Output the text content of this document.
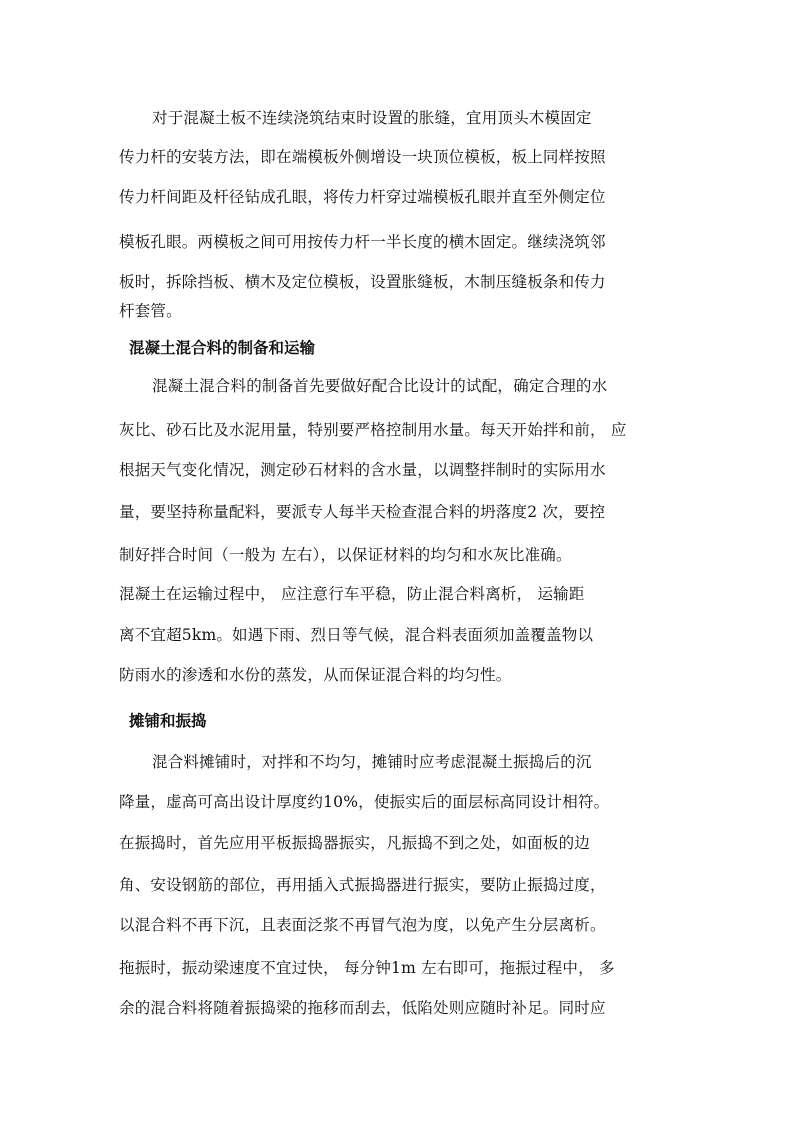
对于混凝土板不连续浇筑结束时设置的胀缝，宜用顶头木模固定
传力杆的安装方法，即在端模板外侧增设一块顶位模板，板上同样按照
传力杆间距及杆径钻成孔眼，将传力杆穿过端模板孔眼并直至外侧定位
模板孔眼。两模板之间可用按传力杆一半长度的横木固定。继续浇筑邻
板时，拆除挡板、横木及定位模板，设置胀缝板，木制压缝板条和传力
杆套管。
混凝土混合料的制备和运输
混凝土混合料的制备首先要做好配合比设计的试配，确定合理的水
灰比、砂石比及水泥用量，特别要严格控制用水量。每天开始拌和前， 应
根据天气变化情况，测定砂石材料的含水量，以调整拌制时的实际用水
量，要坚持称量配料，要派专人每半天检查混合料的坍落度2 次，要控
制好拌合时间（一般为 左右），以保证材料的均匀和水灰比准确。
混凝土在运输过程中， 应注意行车平稳，防止混合料离析， 运输距
离不宜超5km。如遇下雨、烈日等气候，混合料表面须加盖覆盖物以
防雨水的渗透和水份的蒸发，从而保证混合料的均匀性。
摊铺和振捣
混合料摊铺时，对拌和不均匀，摊铺时应考虑混凝土振捣后的沉
降量，虚高可高出设计厚度约10%，使振实后的面层标高同设计相符。
在振捣时，首先应用平板振捣器振实，凡振捣不到之处，如面板的边
角、安设钢筋的部位，再用插入式振捣器进行振实，要防止振捣过度，
以混合料不再下沉，且表面泛浆不再冒气泡为度，以免产生分层离析。
拖振时，振动梁速度不宜过快， 每分钟1m 左右即可，拖振过程中， 多
余的混合料将随着振捣梁的拖移而刮去，低陷处则应随时补足。同时应
